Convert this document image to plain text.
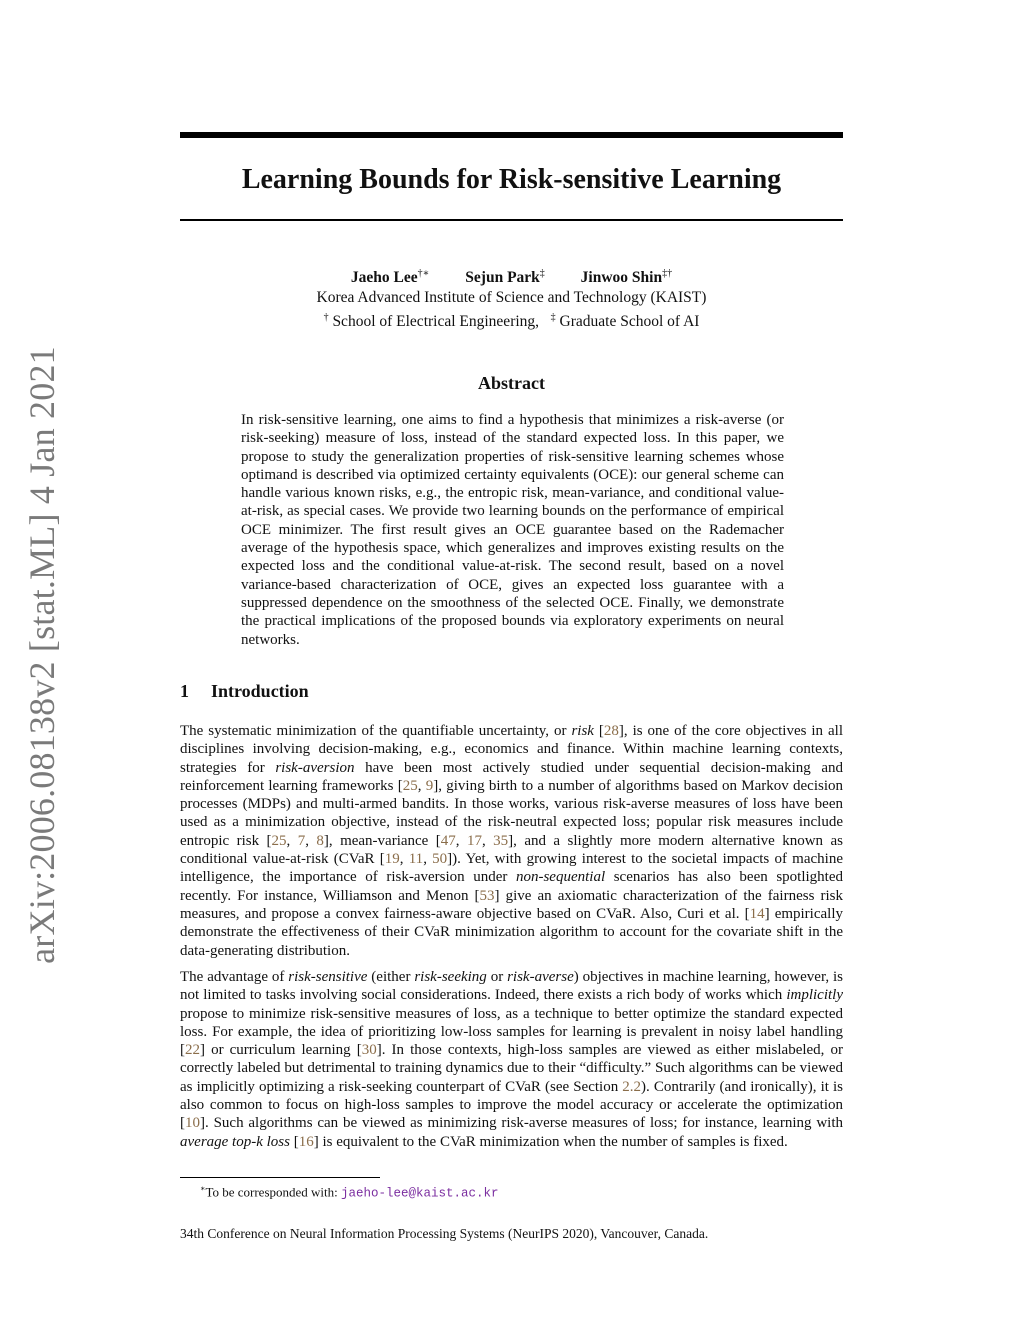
arXiv:2006.08138v2 [stat.ML] 4 Jan 2021
Learning Bounds for Risk-sensitive Learning
Jaeho Lee†∗ Sejun Park‡ Jinwoo Shin‡†
Korea Advanced Institute of Science and Technology (KAIST)
† School of Electrical Engineering, ‡ Graduate School of AI
Abstract

In risk-sensitive learning, one aims to find a hypothesis that minimizes a risk-averse (or risk-seeking) measure of loss, instead of the standard expected loss. In this paper, we propose to study the generalization properties of risk-sensitive learning schemes whose optimand is described via optimized certainty equivalents (OCE): our general scheme can handle various known risks, e.g., the entropic risk, mean-variance, and conditional value-at-risk, as special cases. We provide two learning bounds on the performance of empirical OCE minimizer. The first result gives an OCE guarantee based on the Rademacher average of the hypothesis space, which generalizes and improves existing results on the expected loss and the conditional value-at-risk. The second result, based on a novel variance-based characterization of OCE, gives an expected loss guarantee with a suppressed dependence on the smoothness of the selected OCE. Finally, we demonstrate the practical implications of the proposed bounds via exploratory experiments on neural networks.

1 Introduction

The systematic minimization of the quantifiable uncertainty, or risk [28], is one of the core objectives in all disciplines involving decision-making, e.g., economics and finance. Within machine learning contexts, strategies for risk-aversion have been most actively studied under sequential decision-making and reinforcement learning frameworks [25, 9], giving birth to a number of algorithms based on Markov decision processes (MDPs) and multi-armed bandits. In those works, various risk-averse measures of loss have been used as a minimization objective, instead of the risk-neutral expected loss; popular risk measures include entropic risk [25, 7, 8], mean-variance [47, 17, 35], and a slightly more modern alternative known as conditional value-at-risk (CVaR [19, 11, 50]). Yet, with growing interest to the societal impacts of machine intelligence, the importance of risk-aversion under non-sequential scenarios has also been spotlighted recently. For instance, Williamson and Menon [53] give an axiomatic characterization of the fairness risk measures, and propose a convex fairness-aware objective based on CVaR. Also, Curi et al. [14] empirically demonstrate the effectiveness of their CVaR minimization algorithm to account for the covariate shift in the data-generating distribution.

The advantage of risk-sensitive (either risk-seeking or risk-averse) objectives in machine learning, however, is not limited to tasks involving social considerations. Indeed, there exists a rich body of works which implicitly propose to minimize risk-sensitive measures of loss, as a technique to better optimize the standard expected loss. For example, the idea of prioritizing low-loss samples for learning is prevalent in noisy label handling [22] or curriculum learning [30]. In those contexts, high-loss samples are viewed as either mislabeled, or correctly labeled but detrimental to training dynamics due to their “difficulty.” Such algorithms can be viewed as implicitly optimizing a risk-seeking counterpart of CVaR (see Section 2.2). Contrarily (and ironically), it is also common to focus on high-loss samples to improve the model accuracy or accelerate the optimization [10]. Such algorithms can be viewed as minimizing risk-averse measures of loss; for instance, learning with average top-k loss [16] is equivalent to the CVaR minimization when the number of samples is fixed.

∗To be corresponded with: jaeho-lee@kaist.ac.kr
34th Conference on Neural Information Processing Systems (NeurIPS 2020), Vancouver, Canada.
